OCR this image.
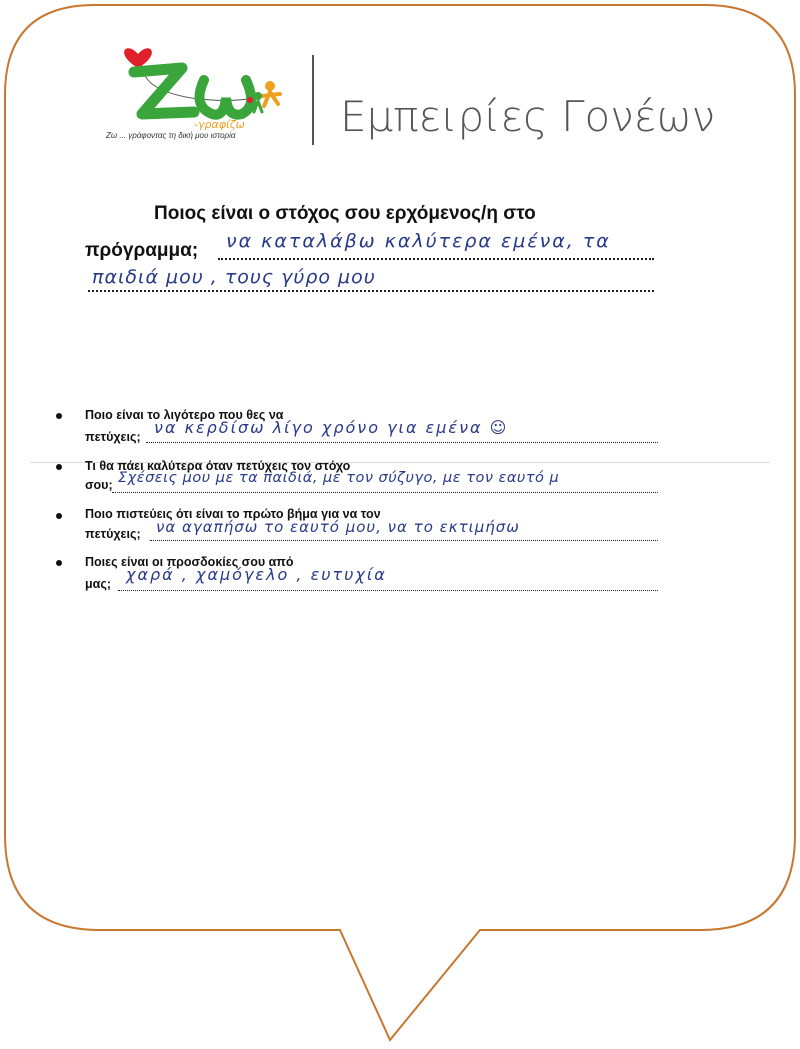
-γραφίζω
Ζω ... γράφοντας τη δική μου ιστορία	Εμπειρίες Γονέων
Ποιος είναι ο στόχος σου ερχόμενος/η στο
πρόγραμμα; να καταλάβω καλύτερα εμένα, τα
παιδιά μου , τους γύρο μου
Ποιο είναι το λιγότερο που θες να
πετύχεις; να κερδίσω λίγο χρόνο για εμένα ☺
Τι θα πάει καλύτερα όταν πετύχεις τον στόχο
σου; Σχέσεις μου με τα παιδιά, με τον σύζυγο, με τον εαυτό μ
Ποιο πιστεύεις ότι είναι το πρώτο βήμα για να τον
πετύχεις; να αγαπήσω το εαυτό μου, να το εκτιμήσω
Ποιες είναι οι προσδοκίες σου από
μας; χαρά , χαμόγελο , ευτυχία
